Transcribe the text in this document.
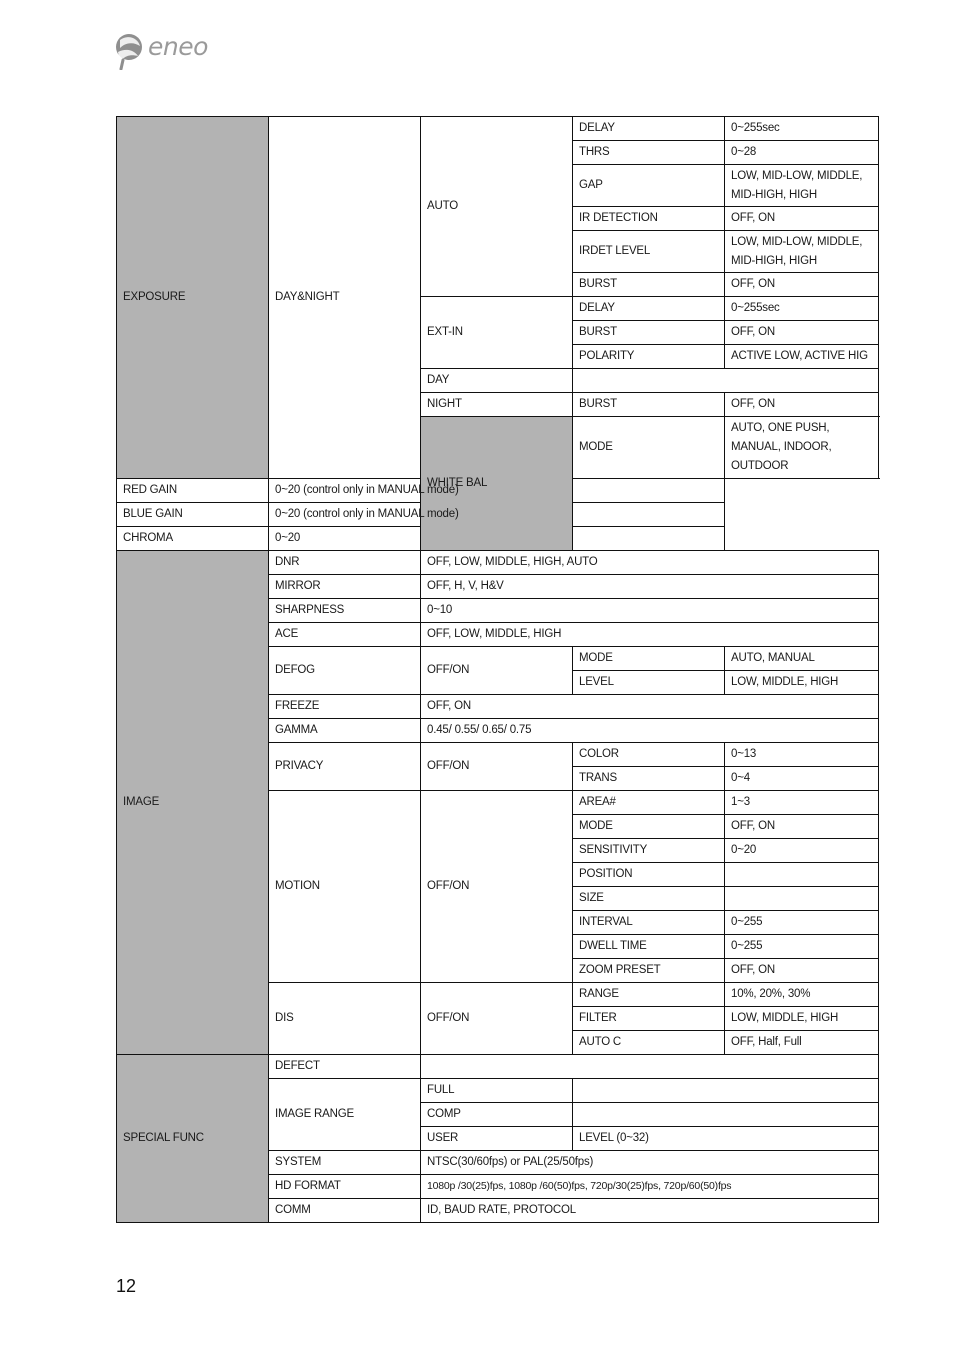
eneo
EXPOSURE	DAY&NIGHT	AUTO	DELAY	0~255sec
			THRS	0~28
			GAP	LOW, MID-LOW, MIDDLE, MID-HIGH, HIGH
			IR DETECTION	OFF, ON
			IRDET LEVEL	LOW, MID-LOW, MIDDLE, MID-HIGH, HIGH
			BURST	OFF, ON
		EXT-IN	DELAY	0~255sec
			BURST	OFF, ON
			POLARITY	ACTIVE LOW, ACTIVE HIG
		DAY		
		NIGHT	BURST	OFF, ON
		WHITE BAL	MODE	AUTO, ONE PUSH, MANUAL, INDOOR, OUTDOOR
RED GAIN	0~20 (control only in MANUAL mode)			
BLUE GAIN	0~20 (control only in MANUAL mode)			
CHROMA	0~20			
IMAGE	DNR	OFF, LOW, MIDDLE, HIGH, AUTO		
	MIRROR	OFF, H, V, H&V		
	SHARPNESS	0~10		
	ACE	OFF, LOW, MIDDLE, HIGH		
	DEFOG	OFF/ON	MODE	AUTO, MANUAL
			LEVEL	LOW, MIDDLE, HIGH
	FREEZE	OFF, ON		
	GAMMA	0.45/ 0.55/ 0.65/ 0.75		
	PRIVACY	OFF/ON	COLOR	0~13
			TRANS	0~4
	MOTION	OFF/ON	AREA#	1~3
			MODE	OFF, ON
			SENSITIVITY	0~20
			POSITION	
			SIZE	
			INTERVAL	0~255
			DWELL TIME	0~255
			ZOOM PRESET	OFF, ON
	DIS	OFF/ON	RANGE	10%, 20%, 30%
			FILTER	LOW, MIDDLE, HIGH
			AUTO C	OFF, Half, Full
SPECIAL FUNC	DEFECT			
	IMAGE RANGE	FULL		
		COMP		
		USER	LEVEL (0~32)	
	SYSTEM	NTSC(30/60fps) or PAL(25/50fps)		
	HD FORMAT	1080p /30(25)fps, 1080p /60(50)fps, 720p/30(25)fps, 720p/60(50)fps		
	COMM	ID, BAUD RATE, PROTOCOL		
12
